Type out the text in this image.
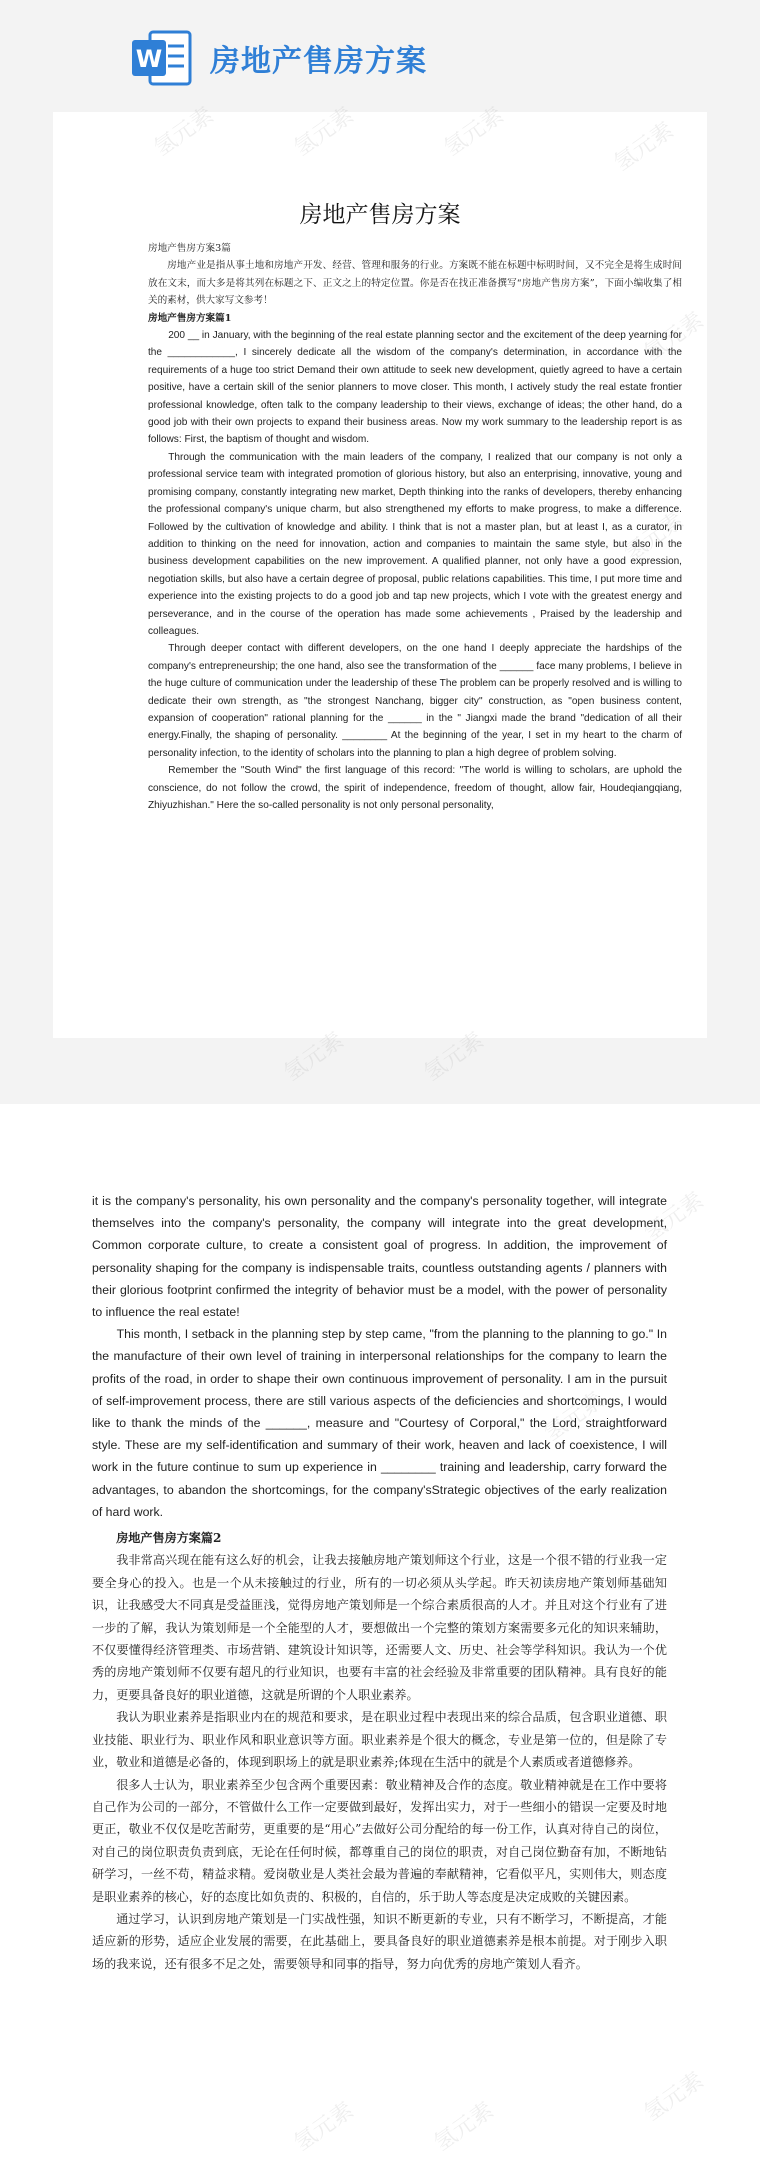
W 房地产售房方案
房地产售房方案

房地产售房方案3篇

房地产业是指从事土地和房地产开发、经营、管理和服务的行业。方案既不能在标题中标明时间，又不完全是将生成时间放在文末，而大多是将其列在标题之下、正文之上的特定位置。你是否在找正准备撰写“房地产售房方案”，下面小编收集了相关的素材，供大家写文参考！

房地产售房方案篇1

200 __ in January, with the beginning of the real estate planning sector and the excitement of the deep yearning for the ____________, I sincerely dedicate all the wisdom of the company's determination, in accordance with the requirements of a huge too strict Demand their own attitude to seek new development, quietly agreed to have a certain positive, have a certain skill of the senior planners to move closer. This month, I actively study the real estate frontier professional knowledge, often talk to the company leadership to their views, exchange of ideas; the other hand, do a good job with their own projects to expand their business areas. Now my work summary to the leadership report is as follows: First, the baptism of thought and wisdom.

Through the communication with the main leaders of the company, I realized that our company is not only a professional service team with integrated promotion of glorious history, but also an enterprising, innovative, young and promising company, constantly integrating new market, Depth thinking into the ranks of developers, thereby enhancing the professional company's unique charm, but also strengthened my efforts to make progress, to make a difference. Followed by the cultivation of knowledge and ability. I think that is not a master plan, but at least I, as a curator, in addition to thinking on the need for innovation, action and companies to maintain the same style, but also in the business development capabilities on the new improvement. A qualified planner, not only have a good expression, negotiation skills, but also have a certain degree of proposal, public relations capabilities. This time, I put more time and experience into the existing projects to do a good job and tap new projects, which I vote with the greatest energy and perseverance, and in the course of the operation has made some achievements , Praised by the leadership and colleagues.

Through deeper contact with different developers, on the one hand I deeply appreciate the hardships of the company's entrepreneurship; the one hand, also see the transformation of the ______ face many problems, I believe in the huge culture of communication under the leadership of these The problem can be properly resolved and is willing to dedicate their own strength, as "the strongest Nanchang, bigger city" construction, as "open business content, expansion of cooperation" rational planning for the ______ in the " Jiangxi made the brand "dedication of all their energy.Finally, the shaping of personality. ________ At the beginning of the year, I set in my heart to the charm of personality infection, to the identity of scholars into the planning to plan a high degree of problem solving.

Remember the "South Wind" the first language of this record: "The world is willing to scholars, are uphold the conscience, do not follow the crowd, the spirit of independence, freedom of thought, allow fair, Houdeqiangqiang, Zhiyuzhishan." Here the so-called personality is not only personal personality,

it is the company's personality, his own personality and the company's personality together, will integrate themselves into the company's personality, the company will integrate into the great development, Common corporate culture, to create a consistent goal of progress. In addition, the improvement of personality shaping for the company is indispensable traits, countless outstanding agents / planners with their glorious footprint confirmed the integrity of behavior must be a model, with the power of personality to influence the real estate!

This month, I setback in the planning step by step came, "from the planning to the planning to go." In the manufacture of their own level of training in interpersonal relationships for the company to learn the profits of the road, in order to shape their own continuous improvement of personality. I am in the pursuit of self-improvement process, there are still various aspects of the deficiencies and shortcomings, I would like to thank the minds of the ______, measure and "Courtesy of Corporal," the Lord, straightforward style. These are my self-identification and summary of their work, heaven and lack of coexistence, I will work in the future continue to sum up experience in ________ training and leadership, carry forward the advantages, to abandon the shortcomings, for the company'sStrategic objectives of the early realization of hard work.

房地产售房方案篇2

我非常高兴现在能有这么好的机会，让我去接触房地产策划师这个行业，这是一个很不错的行业我一定要全身心的投入。也是一个从未接触过的行业，所有的一切必须从头学起。昨天初读房地产策划师基础知识，让我感受大不同真是受益匪浅，觉得房地产策划师是一个综合素质很高的人才。并且对这个行业有了进一步的了解，我认为策划师是一个全能型的人才，要想做出一个完整的策划方案需要多元化的知识来辅助，不仅要懂得经济管理类、市场营销、建筑设计知识等，还需要人文、历史、社会等学科知识。我认为一个优秀的房地产策划师不仅要有超凡的行业知识，也要有丰富的社会经验及非常重要的团队精神。具有良好的能力，更要具备良好的职业道德，这就是所谓的个人职业素养。

我认为职业素养是指职业内在的规范和要求，是在职业过程中表现出来的综合品质，包含职业道德、职业技能、职业行为、职业作风和职业意识等方面。职业素养是个很大的概念，专业是第一位的，但是除了专业，敬业和道德是必备的，体现到职场上的就是职业素养;体现在生活中的就是个人素质或者道德修养。

很多人士认为，职业素养至少包含两个重要因素：敬业精神及合作的态度。敬业精神就是在工作中要将自己作为公司的一部分，不管做什么工作一定要做到最好，发挥出实力，对于一些细小的错误一定要及时地更正，敬业不仅仅是吃苦耐劳，更重要的是“用心”去做好公司分配给的每一份工作，认真对待自己的岗位，对自己的岗位职责负责到底，无论在任何时候，都尊重自己的岗位的职责，对自己岗位勤奋有加，不断地钻研学习，一丝不苟，精益求精。爱岗敬业是人类社会最为普遍的奉献精神，它看似平凡，实则伟大，则态度是职业素养的核心，好的态度比如负责的、积极的，自信的，乐于助人等态度是决定成败的关键因素。

通过学习，认识到房地产策划是一门实战性强，知识不断更新的专业，只有不断学习，不断提高，才能适应新的形势，适应企业发展的需要，在此基础上，要具备良好的职业道德素养是根本前提。对于刚步入职场的我来说，还有很多不足之处，需要领导和同事的指导，努力向优秀的房地产策划人看齐。

氢元素
氢元素
氢元素	氢元素
氢元素
